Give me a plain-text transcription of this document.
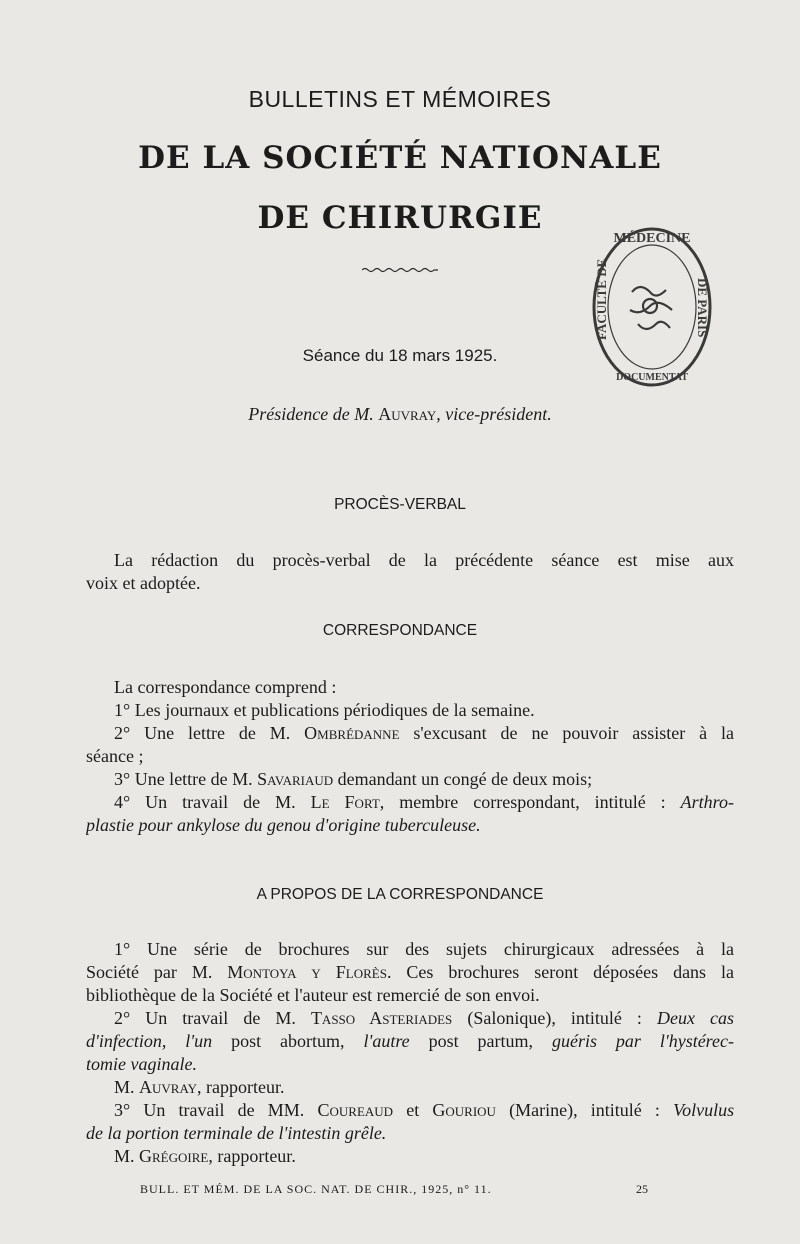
BULLETINS ET MÉMOIRES
DE LA SOCIÉTÉ NATIONALE
DE CHIRURGIE
MÉDECINE
FACULTÉ DE	DE PARIS
DOCUMENTAT
Séance du 18 mars 1925.
Présidence de M. Auvray, vice-président.
PROCÈS-VERBAL
La rédaction du procès-verbal de la précédente séance est mise aux
voix et adoptée.
CORRESPONDANCE
La correspondance comprend :
1° Les journaux et publications périodiques de la semaine.
2° Une lettre de M. Ombrédanne s'excusant de ne pouvoir assister à la
séance ;
3° Une lettre de M. Savariaud demandant un congé de deux mois;
4° Un travail de M. Le Fort, membre correspondant, intitulé : Arthro-
plastie pour ankylose du genou d'origine tuberculeuse.
A PROPOS DE LA CORRESPONDANCE
1° Une série de brochures sur des sujets chirurgicaux adressées à la
Société par M. Montoya y Florès. Ces brochures seront déposées dans la
bibliothèque de la Société et l'auteur est remercié de son envoi.
2° Un travail de M. Tasso Asteriades (Salonique), intitulé : Deux cas
d'infection, l'un post abortum, l'autre post partum, guéris par l'hystérec-
tomie vaginale.
M. Auvray, rapporteur.
3° Un travail de MM. Coureaud et Gouriou (Marine), intitulé : Volvulus
de la portion terminale de l'intestin grêle.
M. Grégoire, rapporteur.
BULL. ET MÉM. DE LA SOC. NAT. DE CHIR., 1925, n° 11.	25
